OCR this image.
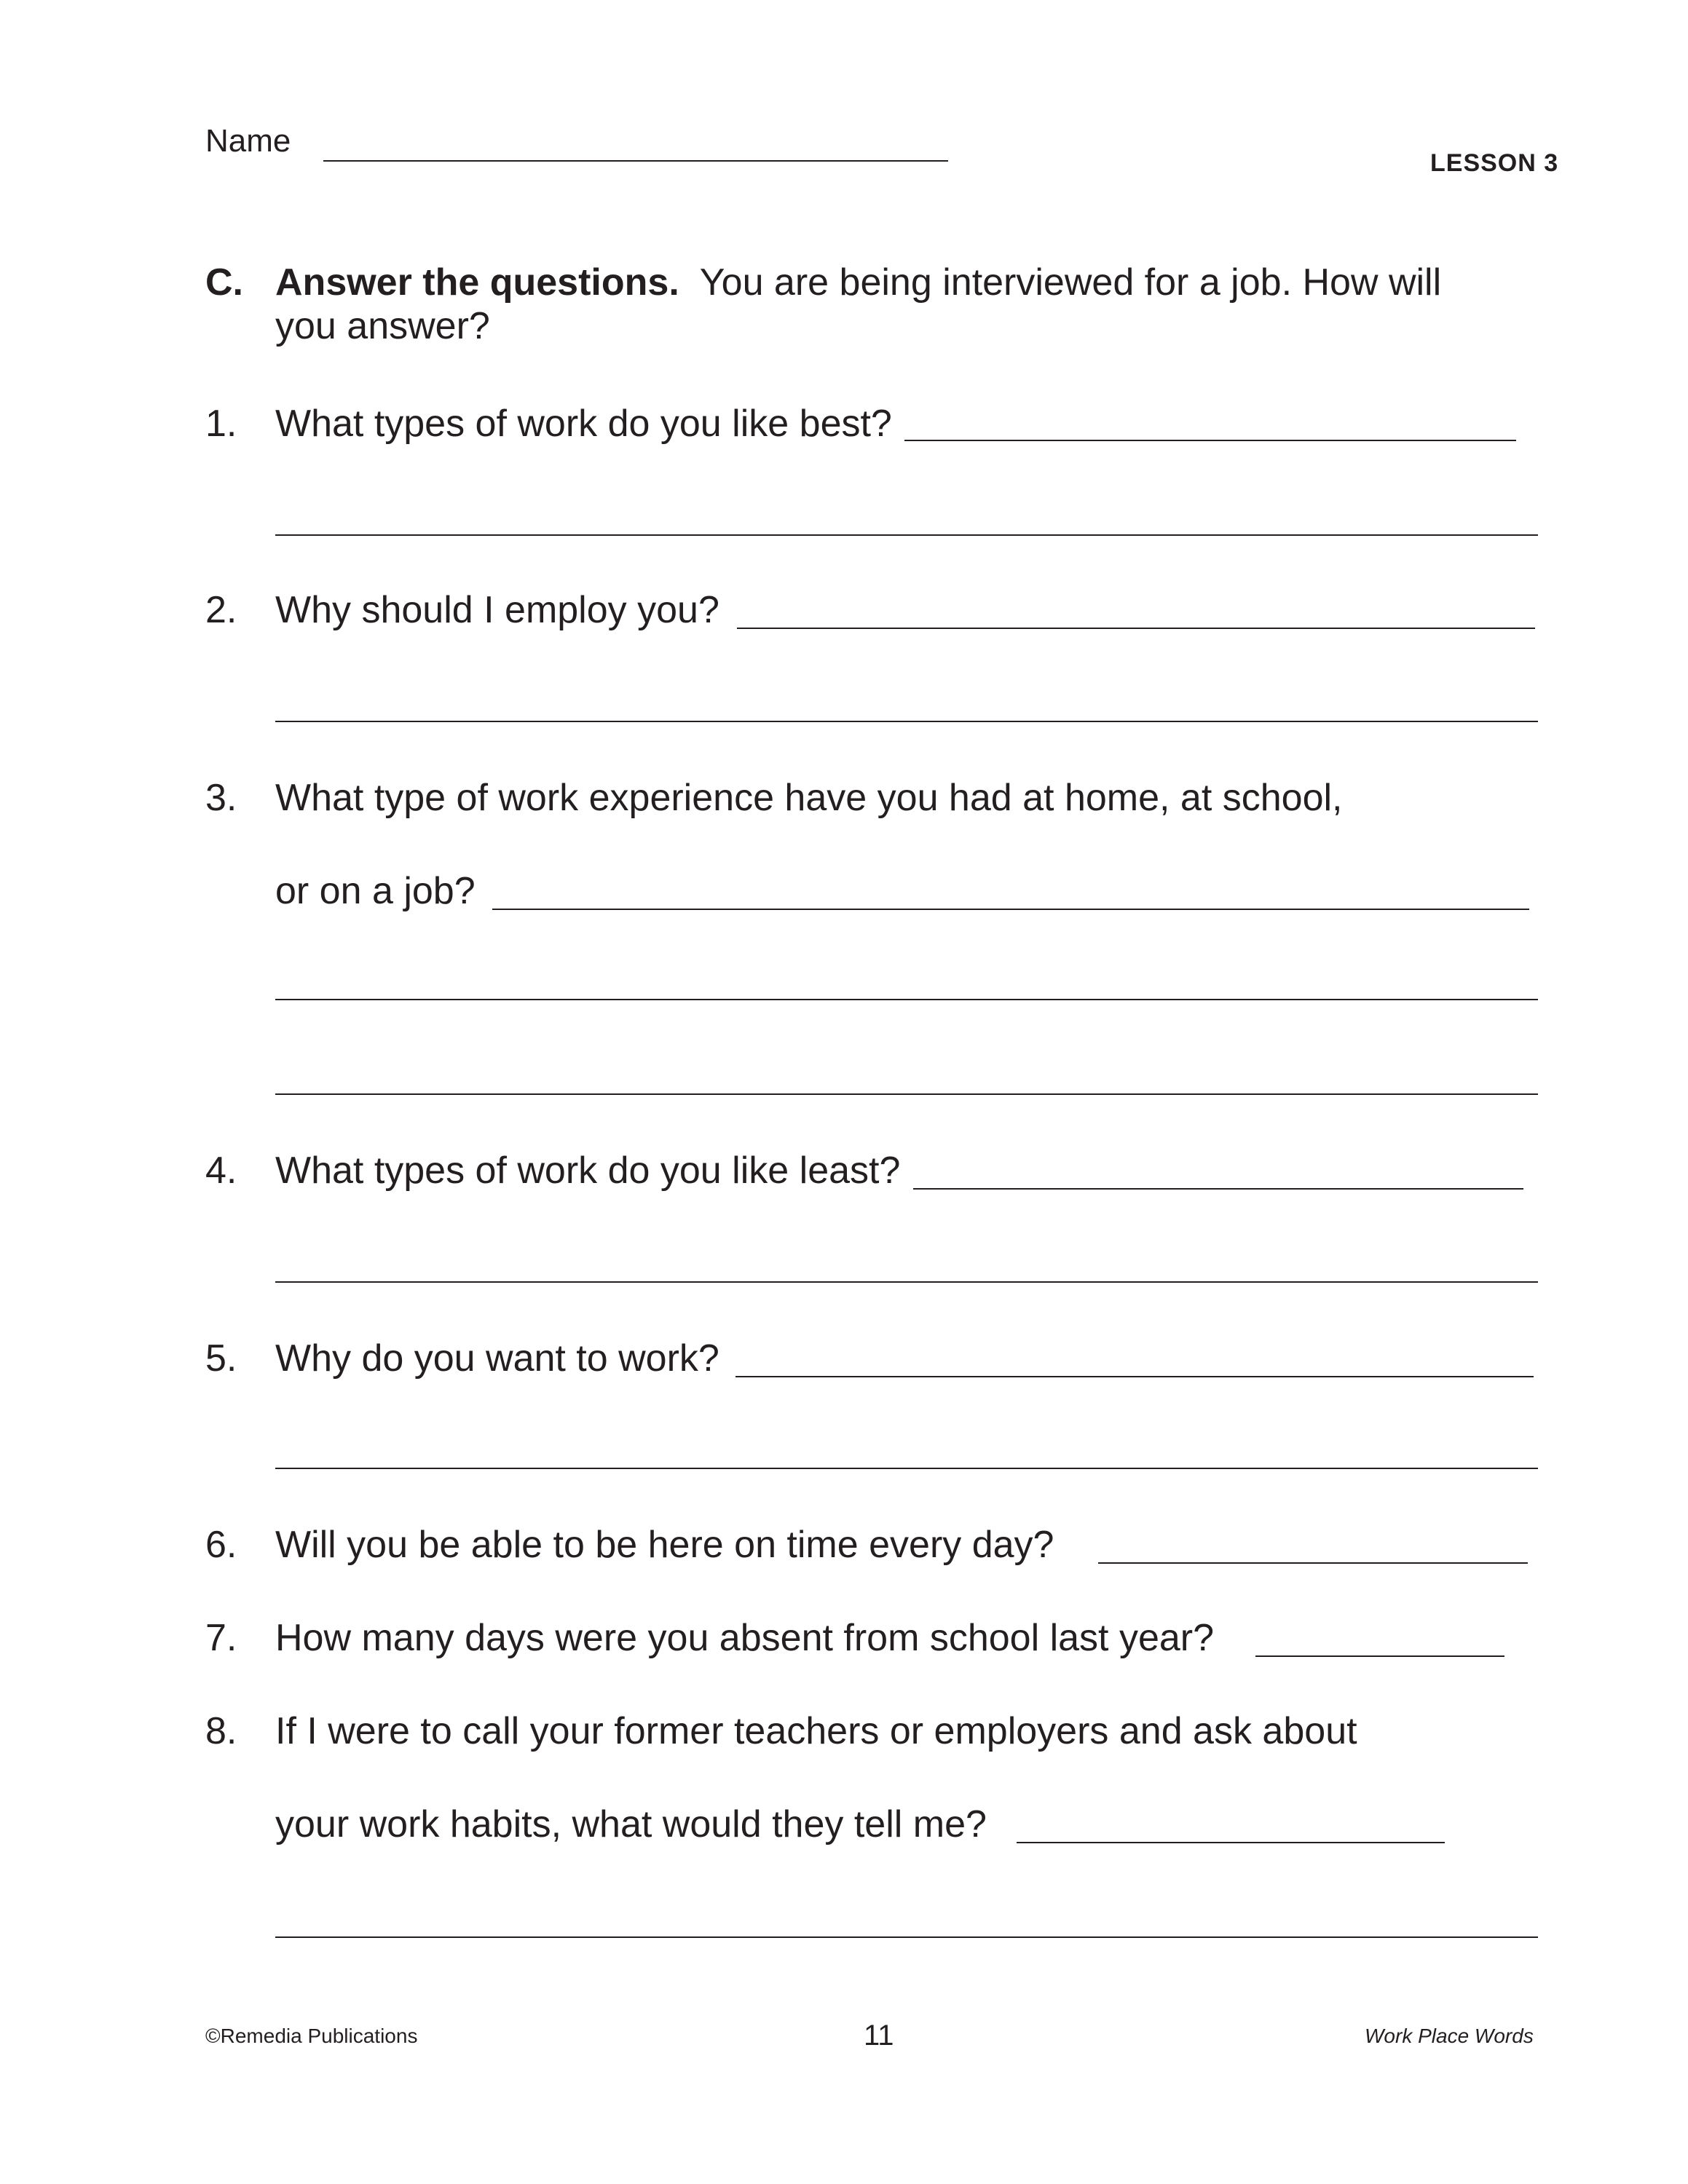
Name
LESSON 3
C. Answer the questions. You are being interviewed for a job. How will you answer?
1. What types of work do you like best?
2. Why should I employ you?
3. What type of work experience have you had at home, at school,
or on a job?
4. What types of work do you like least?
5. Why do you want to work?
6. Will you be able to be here on time every day?
7. How many days were you absent from school last year?
8. If I were to call your former teachers or employers and ask about
your work habits, what would they tell me?
©Remedia Publications	11	Work Place Words
